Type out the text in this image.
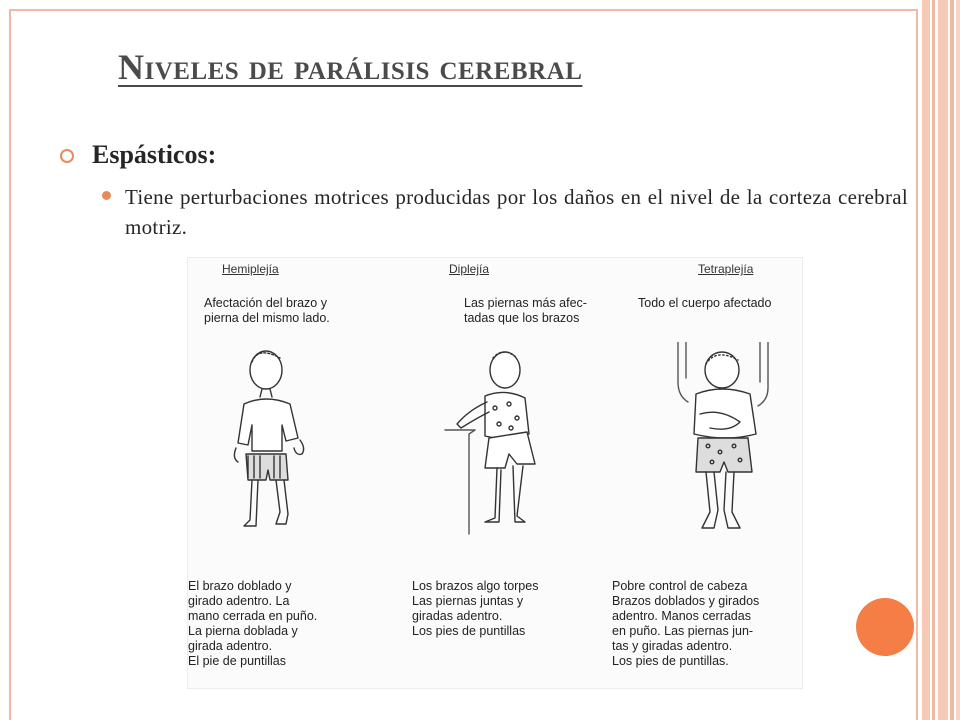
Niveles de parálisis cerebral
Espásticos:
Tiene perturbaciones motrices producidas por los daños en el nivel de la corteza cerebral motriz.
Hemiplejía
Afectación del brazo y
pierna del mismo lado.
El brazo doblado y
girado adentro. La
mano cerrada en puño.
La pierna doblada y
girada adentro.
El pie de puntillas
Diplejía
Las piernas más afec-
tadas que los brazos
Los brazos algo torpes
Las piernas juntas y
giradas adentro.
Los pies de puntillas
Tetraplejía
Todo el cuerpo afectado
Pobre control de cabeza
Brazos doblados y girados
adentro. Manos cerradas
en puño. Las piernas jun-
tas y giradas adentro.
Los pies de puntillas.
